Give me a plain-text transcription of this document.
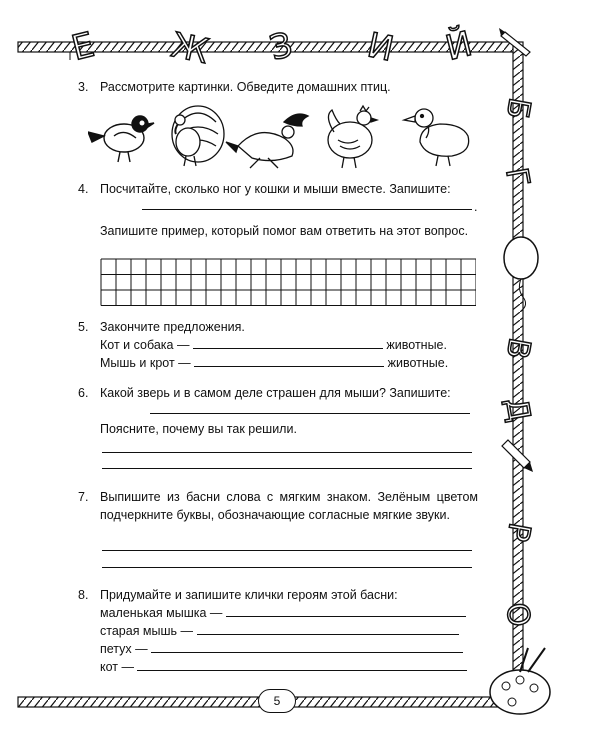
Е Ж З И Й
Б
Г
В
Д
Р
О
3. Рассмотрите картинки. Обведите домашних птиц.
4. Посчитайте, сколько ног у кошки и мыши вместе. Запишите:
.
Запишите пример, который помог вам ответить на этот вопрос.
5. Закончите предложения.
Кот и собака —	животные.
Мышь и крот —	животные.
6. Какой зверь и в самом деле страшен для мыши? Запишите:
Поясните, почему вы так решили.
7. Выпишите из басни слова с мягким знаком. Зелёным цветом подчеркните буквы, обозначающие согласные мягкие звуки.
8. Придумайте и запишите клички героям этой басни:
маленькая мышка —
старая мышь —
петух —
кот —
5
